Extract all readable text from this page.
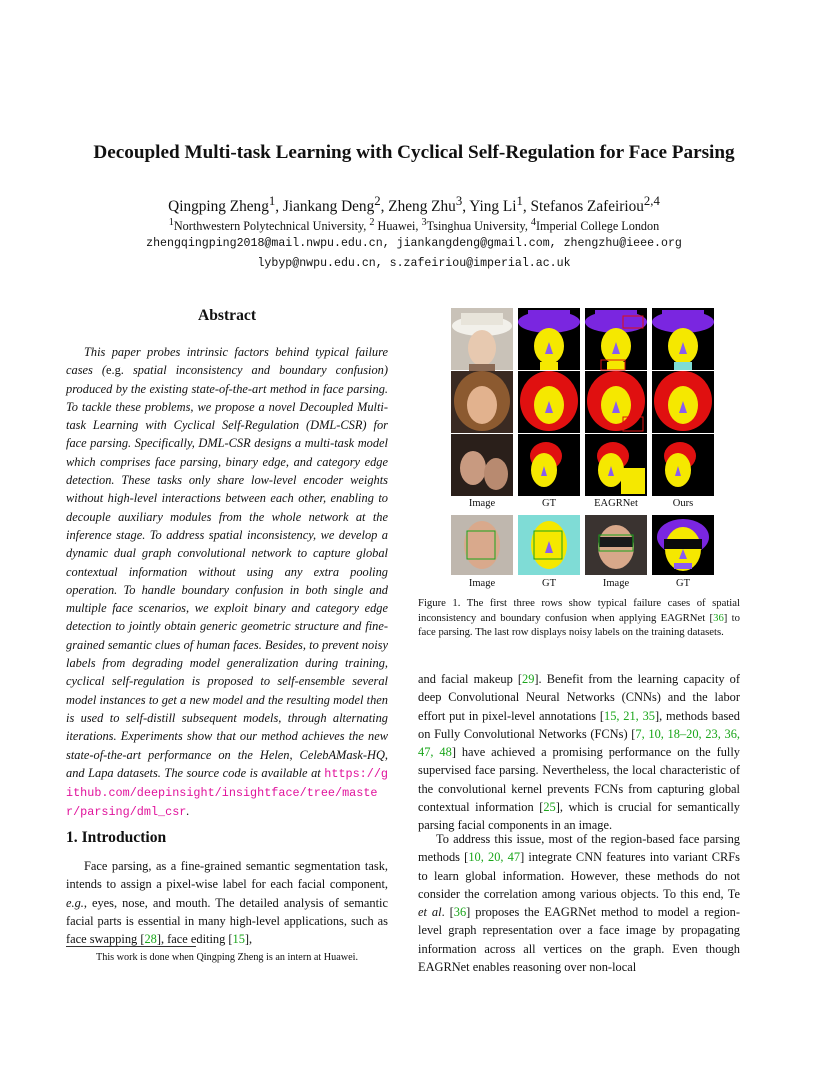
Decoupled Multi-task Learning with Cyclical Self-Regulation for Face Parsing
Qingping Zheng$^1$, Jiankang Deng$^2$, Zheng Zhu$^3$, Ying Li$^1$, Stefanos Zafeiriou$^{2,4}$
$^1$Northwestern Polytechnical University, $^2$ Huawei, $^3$Tsinghua University, $^4$Imperial College London
zhengqingping2018@mail.nwpu.edu.cn, jiankangdeng@gmail.com, zhengzhu@ieee.org
lybyp@nwpu.edu.cn, s.zafeiriou@imperial.ac.uk
Abstract
This paper probes intrinsic factors behind typical failure cases (e.g. spatial inconsistency and boundary confusion) produced by the existing state-of-the-art method in face parsing. To tackle these problems, we propose a novel Decoupled Multi-task Learning with Cyclical Self-Regulation (DML-CSR) for face parsing. Specifically, DML-CSR designs a multi-task model which comprises face parsing, binary edge, and category edge detection. These tasks only share low-level encoder weights without high-level interactions between each other, enabling to decouple auxiliary modules from the whole network at the inference stage. To address spatial inconsistency, we develop a dynamic dual graph convolutional network to capture global contextual information without using any extra pooling operation. To handle boundary confusion in both single and multiple face scenarios, we exploit binary and category edge detection to jointly obtain generic geometric structure and fine-grained semantic clues of human faces. Besides, to prevent noisy labels from degrading model generalization during training, cyclical self-regulation is proposed to self-ensemble several model instances to get a new model and the resulting model then is used to self-distill subsequent models, through alternating iterations. Experiments show that our method achieves the new state-of-the-art performance on the Helen, CelebAMask-HQ, and Lapa datasets. The source code is available at https://github.com/deepinsight/insightface/tree/master/parsing/dml_csr.
1. Introduction
Face parsing, as a fine-grained semantic segmentation task, intends to assign a pixel-wise label for each facial component, e.g., eyes, nose, and mouth. The detailed analysis of semantic facial parts is essential in many high-level applications, such as face swapping [28], face editing [15],
This work is done when Qingping Zheng is an intern at Huawei.
Image	GT	EAGRNet	Ours
Image	GT	Image	GT
Figure 1. The first three rows show typical failure cases of spatial inconsistency and boundary confusion when applying EAGRNet [36] to face parsing. The last row displays noisy labels on the training datasets.
and facial makeup [29]. Benefit from the learning capacity of deep Convolutional Neural Networks (CNNs) and the labor effort put in pixel-level annotations [15, 21, 35], methods based on Fully Convolutional Networks (FCNs) [7, 10, 18–20, 23, 36, 47, 48] have achieved a promising performance on the fully supervised face parsing. Nevertheless, the local characteristic of the convolutional kernel prevents FCNs from capturing global contextual information [25], which is crucial for semantically parsing facial components in an image.
To address this issue, most of the region-based face parsing methods [10, 20, 47] integrate CNN features into variant CRFs to learn global information. However, these methods do not consider the correlation among various objects. To this end, Te et al. [36] proposes the EAGRNet method to model a region-level graph representation over a face image by propagating information across all vertices on the graph. Even though EAGRNet enables reasoning over non-local
